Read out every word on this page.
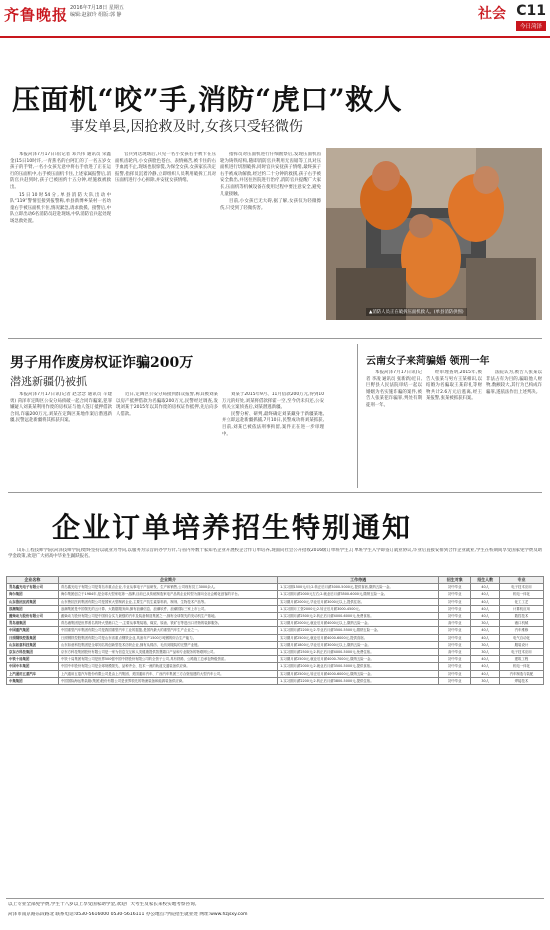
齐鲁晚报 2016年7月18日 星期五
编辑:赵淑玲 组版:郭 静	社会 C11
今日菏泽
压面机“咬”手,消防“虎口”救人
事发单县,因抢救及时,女孩只受轻微伤

本报菏泽7月17日讯(记者 邓兴伟 通讯员 荣鑫金)15日10时许,一青蕉名的白阿汇的了一名五岁女孩子的手臂,一名小女孩无意中将右手放进了正在运行的压面机中,右手被压面机卡住,上述家属报警后,消防官兵赶到时,孩子已被困约十五分钟,经施救被救出。

15日10时54分,单县消防大队出动中队“119”警情室接到报警称,单县新博乡某村一名幼童右手被压面机卡住,情况紧急,请求救援。接警后,中队立即出动6名消防员赶赴现场,中队消防官兵起处现场急救处置。

官兵到达现场后,只见一名小女孩右手被卡在压面机齿轮内,小女孩脸色苍白、表情痛苦,被卡住的右手血流不止,现场也很惊慌,为保全女孩,女孩家长决定报警,指挥员沉着冷静,立即组织人员利用破拆工具对压面机进行小心拆除,并安抚女孩情绪。

指挥员对压面机进行仔细勘察后,发现压面机齿轮为铸铁结构,随即消防官兵利用无齿锯等工具对压面机进行切割破拆,同时官兵安抚孩子情绪,最终孩子右手被成功解救,经过约二十分钟的救援,孩子右手被安全救出,并送往医院进行治疗,消防官兵提醒广大家长,压面机等机械设备在使用过程中要注意安全,避免儿童接触。

目前,小女孩已无大碍,据了解,女孩仅为轻微擦伤,只受到了轻微伤害。

▲消防人员正在破拆压面机救人。(单县消防供图)
男子用作废房权证诈骗200万
潜逃新疆仍被抓

本报菏泽7月17日讯(记者 赵念念 通讯员 辛建勇) 菏泽市定陶区公安分局侦破一起合同诈骗案,犯罪嫌疑人刘某某利用作废的房权证与他人签订抵押借款合同,诈骗200万元,刘某在定陶区某地作案后潜逃新疆,民警远赴新疆将其抓获归案。

近日,定陶区公安分局接到群众报警,称其被刘某以房产抵押借款为名骗取200万元,民警经过调查,发现刘某于2015年以其作废的房权证作抵押,先后向多人借款。

刘某于2015年9月、11月借款200万元,得到10万元的好处,刘某将借款挥霍一空,至今仍未归还,公安机关立案侦查后,刘某潜逃新疆。

民警分析、研判,最终确定刘某藏身于新疆某地,并立即远赴新疆抓捕,7月10日,民警成功将刘某抓获,目前,刘某已被依法刑事拘留,案件正在进一步审理中。

云南女子来菏骗婚 领刑一年

本报菏泽7月17日讯(记者 李凌 通讯员 张新新)近日,巨野县人民法院审结一起以婚姻为名实施诈骗的案件,被告人张某犯诈骗罪,判处有期徒刑一年。

经审理查明,2015年,被告人张某与男方王某相识,以结婚为名骗取王某彩礼等财物共计2.6万元后逃离,经王某报警,张某被抓获归案。

法院认为,被告人张某以非法占有为目的,骗取他人财物,数额较大,其行为已构成诈骗罪,遂依法作出上述判决。

企业订单培养招生特别通知

山东工程技师学院(菏泽技师学院)始终坚持以就业为导向,以服务为宗旨的办学方针,与省内外数十家知名企业开展校企合作订单培养,现面向社会公开招收2016级订单班学生,订单班学生入学即签订就业协议,毕业后直接安排到合作企业就业,学生在校期间享受国家免学费及助学金政策,欢迎广大初高中毕业生踊跃报名。

企业名称	企业简介	工作待遇	招生对象	招生人数	专业
青岛鑫光电子有限公司	青岛鑫光电子有限公司是青岛市重点企业,专业从事电子产品研发、生产和销售,公司现有员工3000余人。	1.实习期1500元/月;2.转正后月薪3000-5000元,提供食宿,缴纳五险一金。	初中毕业	40人	电子技术应用
海尔集团	海尔集团创立于1984年,是全球大型家电第一品牌,目前已从传统制造家电产品的企业转型为面向全社会孵化创客的平台。	1.实习期月薪2000元左右;2.就业后月薪3500-6000元,缴纳五险一金。	初中毕业	40人	机电一体化
山东鲁抗医药集团	山东鲁抗医药集团有限公司是国家大型制药企业,主要生产抗生素原料药、制剂、生物技术产品等。	实习期月薪2000元,毕业后月薪3000元以上,提供住宿。	初中毕业	40人	化工工艺
浪潮集团	浪潮集团是中国领先的云计算、大数据服务商,拥有浪潮信息、浪潮软件、浪潮国际三家上市公司。	1.实习期月工资2000元;2.转正后月薪3000-4500元。	初中毕业	40人	计算机应用
潍柴动力股份有限公司	潍柴动力股份有限公司是中国综合实力最强的汽车及装备制造集团之一,拥有全球领先的发动机生产基地。	1.实习期月薪2500元;2.转正后月薪4000-6000元,免费食宿。	初中毕业	40人	数控技术
青岛港集团	青岛港集团是世界著名的特大型港口之一,主要从事集装箱、煤炭、原油、铁矿石等进出口货物的装卸服务。	实习期月薪2000元,就业后月薪4000元以上,缴纳五险一金。	高中毕业	30人	港口机械
中国重汽集团	中国重型汽车集团有限公司是我国重型汽车工业的摇篮,是国内最大的重型汽车生产企业之一。	1.实习期月薪2200元;2.毕业后月薪3500-5500元,缴纳五险一金。	初中毕业	40人	汽车维修
日照钢铁控股集团	日照钢铁控股集团有限公司是山东省重点钢铁企业,具备年产1500万吨钢的综合生产能力。	实习期月薪2500元,就业后月薪4000-6000元,提供食宿。	初中毕业	40人	电气自动化
山东如意科技集团	山东如意科技集团是全球知名的创新型技术纺织企业,拥有从棉纺、毛纺到服装的完整产业链。	实习期月薪1800元,毕业后月薪3000元以上,缴纳五险一金。	初中毕业	30人	服装设计
京东方科技集团	京东方科技集团股份有限公司是一家为信息交互和人类健康提供智慧端口产品和专业服务的物联网公司。	1.实习期月薪2500元;2.转正后月薪4000-5000元,免费住宿。	高中毕业	30人	电子技术应用
中铁十局集团	中铁十局集团有限公司是世界500强中国中铁股份有限公司的全资子公司,具有铁路、公路施工总承包特级资质。	实习期月薪2500元,就业后月薪4000-7000元,缴纳五险一金。	初中毕业	40人	建筑工程
中国中车集团	中国中车股份有限公司是全球规模领先、品种齐全、技术一流的轨道交通装备供应商。	1.实习期月薪2000元;2.就业后月薪3500-5000元,提供食宿。	初中毕业	40人	机电一体化
上汽通用五菱汽车	上汽通用五菱汽车股份有限公司是由上汽集团、美国通用汽车、广西汽车集团三方合资组建的大型汽车公司。	实习期月薪2500元,转正后月薪4000-6000元,缴纳五险一金。	初中毕业	40人	汽车制造与装配
中集集团	中国国际海运集装箱(集团)股份有限公司是世界领先的物流装备和能源装备供应商。	1.实习期月薪2200元;2.转正后月薪3800-5000元,提供住宿。	初中毕业	30人	焊接技术
以上专业全部免学费,学生十八岁以上享受国家助学金,欢迎广大考生及家长来校实地考察咨询。
菏泽市南京路东段路北 联系电话:0530-5616000 0530-5616111 办公地点:学院招生就业处 网址:www.hzjsxy.com
